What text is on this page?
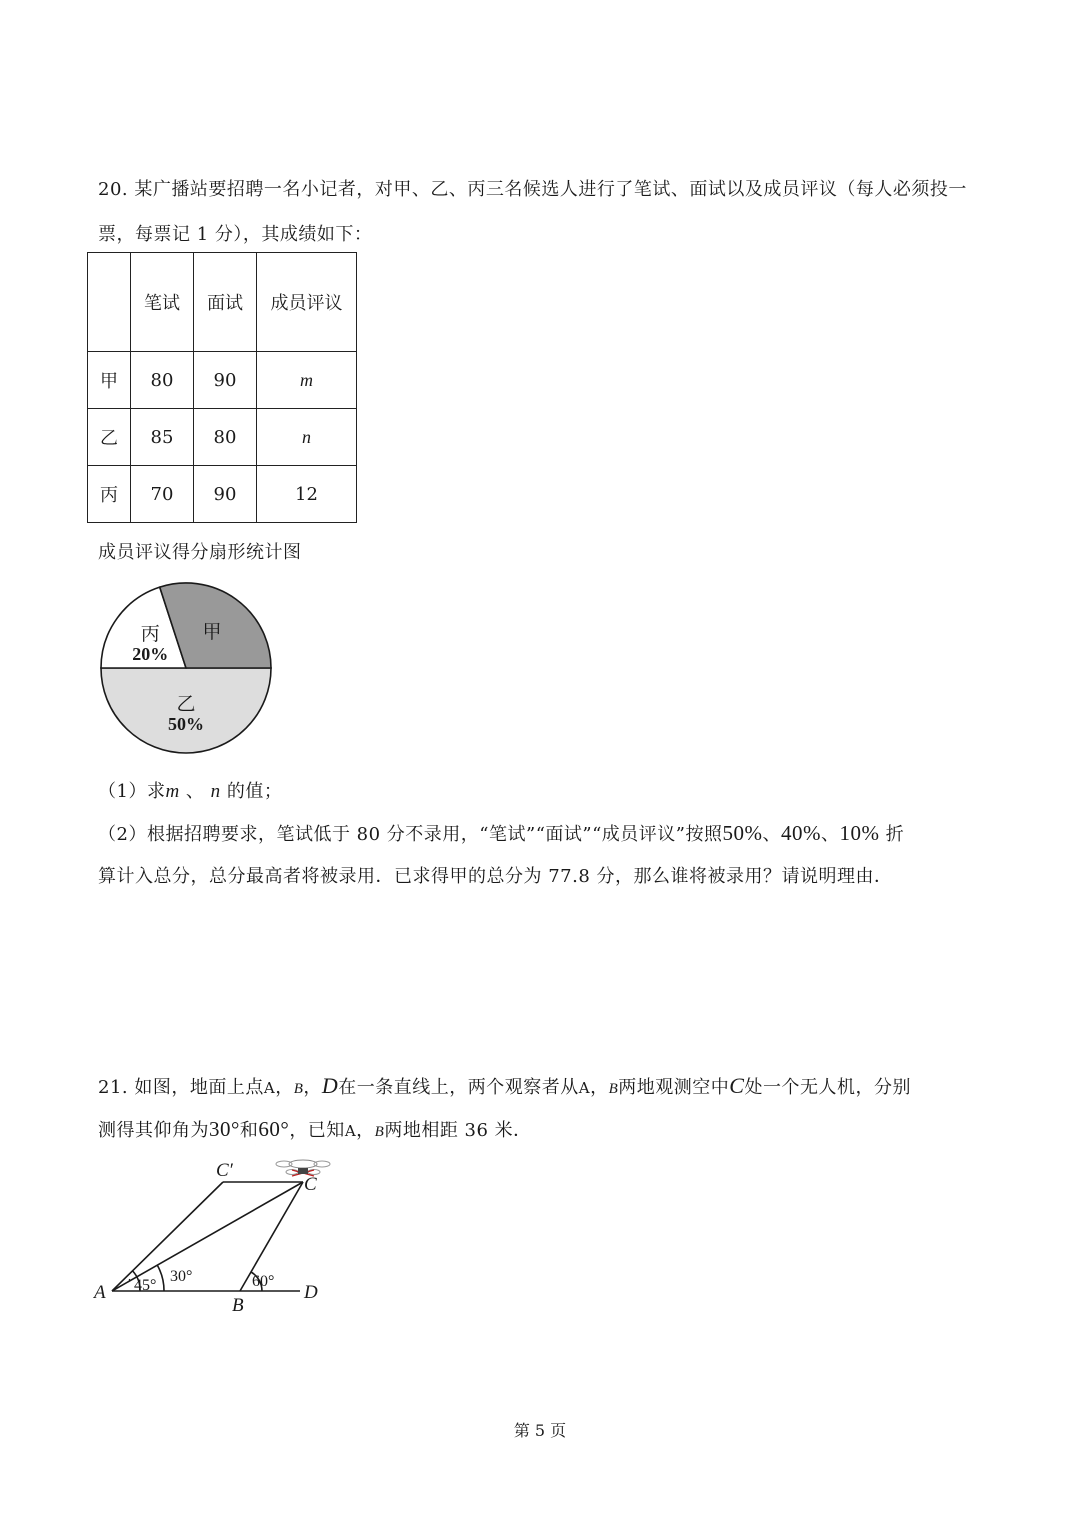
20. 某广播站要招聘一名小记者，对甲、乙、丙三名候选人进行了笔试、面试以及成员评议（每人必须投一
票，每票记 1 分），其成绩如下：
	笔试	面试	成员评议
甲	80	90	m
乙	85	80	n
丙	70	90	12
成员评议得分扇形统计图
乙
50%
丙
20%
甲
（1）求m 、 n 的值；
（2）根据招聘要求，笔试低于 80 分不录用，“笔试”“面试”“成员评议”按照50%、40%、10% 折
算计入总分，总分最高者将被录用．已求得甲的总分为 77.8 分，那么谁将被录用？请说明理由．
21. 如图，地面上点A，B，D在一条直线上，两个观察者从A，B两地观测空中C处一个无人机，分别
测得其仰角为30°和60°，已知A，B两地相距 36 米．
A
B
C
C′
D
45°
30°	60°
第 5 页
